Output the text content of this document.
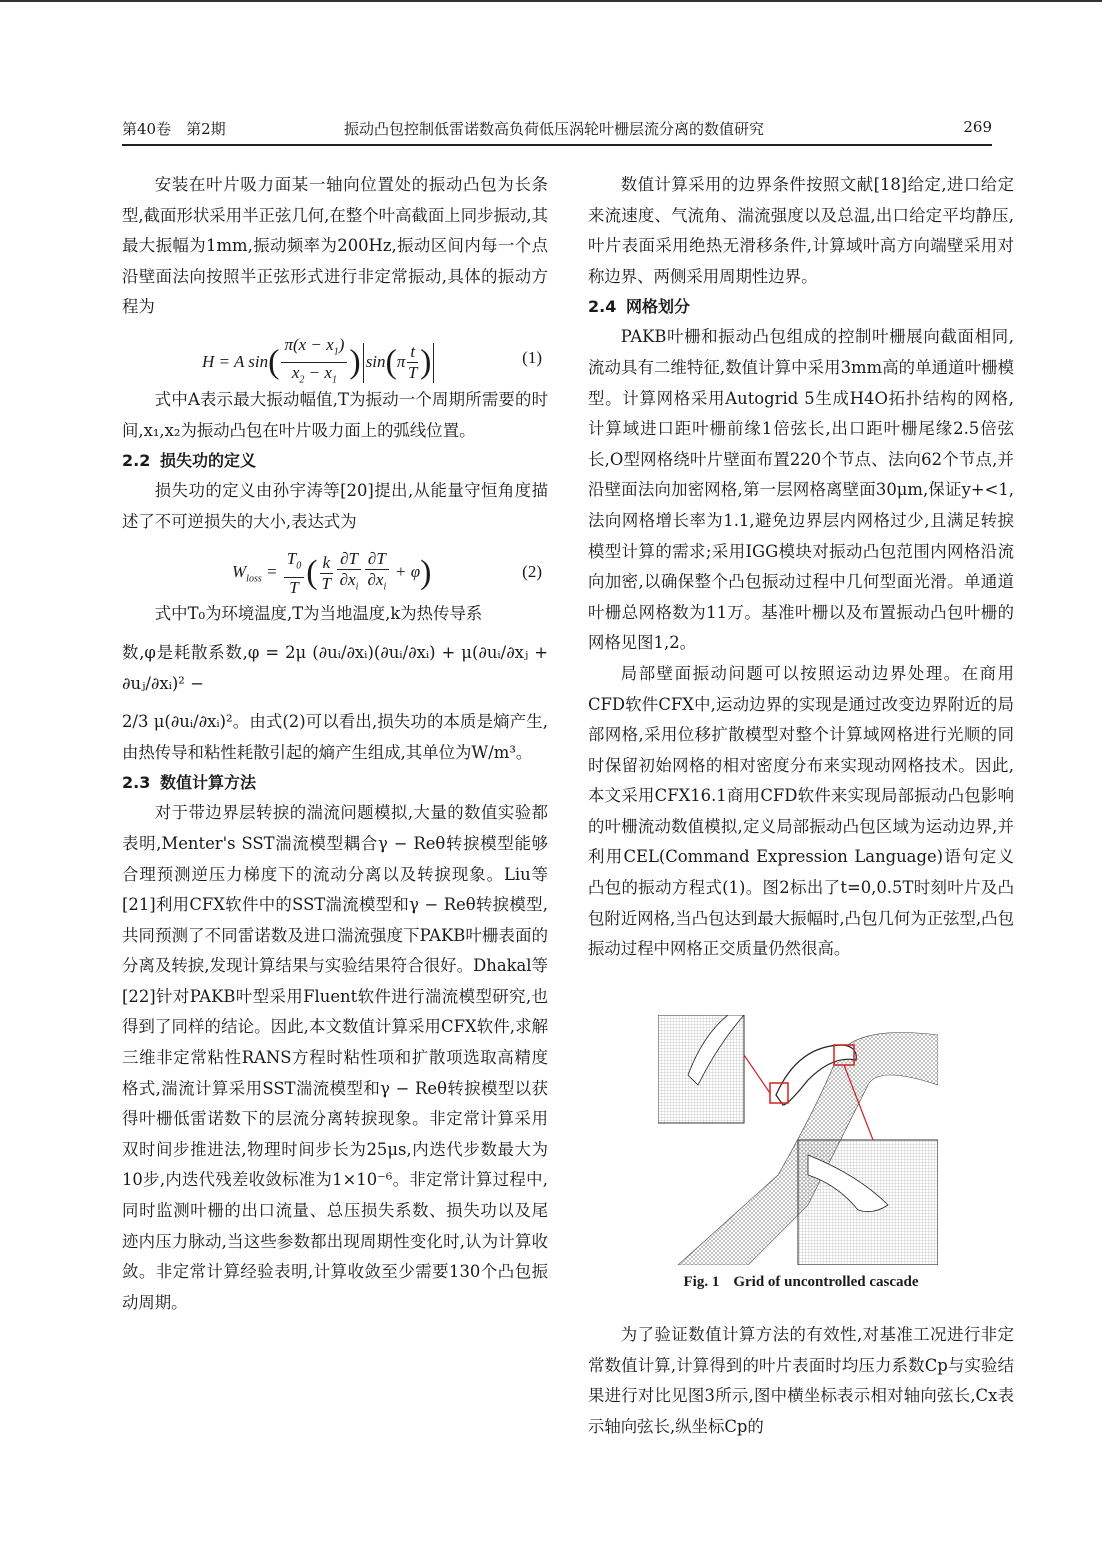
第40卷　第2期	振动凸包控制低雷诺数高负荷低压涡轮叶栅层流分离的数值研究	269

安装在叶片吸力面某一轴向位置处的振动凸包为长条型,截面形状采用半正弦几何,在整个叶高截面上同步振动,其最大振幅为1mm,振动频率为200Hz,振动区间内每一个点沿壁面法向按照半正弦形式进行非定常振动,具体的振动方程为

H = A $\sin( \frac{\pi(x - x_1)}{x_2 - x_1}$ ) $\sin(\pi \frac{t}{T}$ )	(1)

式中A表示最大振动幅值,T为振动一个周期所需要的时间,x₁,x₂为振动凸包在叶片吸力面上的弧线位置。

2.2 损失功的定义

损失功的定义由孙宇涛等[20]提出,从能量守恒角度描述了不可逆损失的大小,表达式为

$W_{loss} = \frac{T_0}{T}$ ( $\frac{k}{T} \frac{\partial T}{\partial x_i} \frac{\partial T}{\partial x_i} + \varphi$)	(2)

式中T₀为环境温度,T为当地温度,k为热传导系

数,φ是耗散系数,φ = 2μ (∂uᵢ/∂xᵢ)(∂uᵢ/∂xᵢ) + μ(∂uᵢ/∂xⱼ + ∂uⱼ/∂xᵢ)² −

2/3 μ(∂uᵢ/∂xᵢ)²。由式(2)可以看出,损失功的本质是熵产生,由热传导和粘性耗散引起的熵产生组成,其单位为W/m³。

2.3 数值计算方法

对于带边界层转捩的湍流问题模拟,大量的数值实验都表明,Menter's SST湍流模型耦合γ − Reθ转捩模型能够合理预测逆压力梯度下的流动分离以及转捩现象。Liu等[21]利用CFX软件中的SST湍流模型和γ − Reθ转捩模型,共同预测了不同雷诺数及进口湍流强度下PAKB叶栅表面的分离及转捩,发现计算结果与实验结果符合很好。Dhakal等[22]针对PAKB叶型采用Fluent软件进行湍流模型研究,也得到了同样的结论。因此,本文数值计算采用CFX软件,求解三维非定常粘性RANS方程时粘性项和扩散项选取高精度格式,湍流计算采用SST湍流模型和γ − Reθ转捩模型以获得叶栅低雷诺数下的层流分离转捩现象。非定常计算采用双时间步推进法,物理时间步长为25μs,内迭代步数最大为10步,内迭代残差收敛标准为1×10⁻⁶。非定常计算过程中,同时监测叶栅的出口流量、总压损失系数、损失功以及尾迹内压力脉动,当这些参数都出现周期性变化时,认为计算收敛。非定常计算经验表明,计算收敛至少需要130个凸包振动周期。

数值计算采用的边界条件按照文献[18]给定,进口给定来流速度、气流角、湍流强度以及总温,出口给定平均静压,叶片表面采用绝热无滑移条件,计算域叶高方向端壁采用对称边界、两侧采用周期性边界。

2.4 网格划分

PAKB叶栅和振动凸包组成的控制叶栅展向截面相同,流动具有二维特征,数值计算中采用3mm高的单通道叶栅模型。计算网格采用Autogrid 5生成H4O拓扑结构的网格,计算域进口距叶栅前缘1倍弦长,出口距叶栅尾缘2.5倍弦长,O型网格绕叶片壁面布置220个节点、法向62个节点,并沿壁面法向加密网格,第一层网格离壁面30μm,保证y+<1,法向网格增长率为1.1,避免边界层内网格过少,且满足转捩模型计算的需求;采用IGG模块对振动凸包范围内网格沿流向加密,以确保整个凸包振动过程中几何型面光滑。单通道叶栅总网格数为11万。基准叶栅以及布置振动凸包叶栅的网格见图1,2。

局部壁面振动问题可以按照运动边界处理。在商用CFD软件CFX中,运动边界的实现是通过改变边界附近的局部网格,采用位移扩散模型对整个计算域网格进行光顺的同时保留初始网格的相对密度分布来实现动网格技术。因此,本文采用CFX16.1商用CFD软件来实现局部振动凸包影响的叶栅流动数值模拟,定义局部振动凸包区域为运动边界,并利用CEL(Command Expression Language)语句定义凸包的振动方程式(1)。图2标出了t=0,0.5T时刻叶片及凸包附近网格,当凸包达到最大振幅时,凸包几何为正弦型,凸包振动过程中网格正交质量仍然很高。

Fig. 1 Grid of uncontrolled cascade

为了验证数值计算方法的有效性,对基准工况进行非定常数值计算,计算得到的叶片表面时均压力系数Cp与实验结果进行对比见图3所示,图中横坐标表示相对轴向弦长,Cx表示轴向弦长,纵坐标Cp的
